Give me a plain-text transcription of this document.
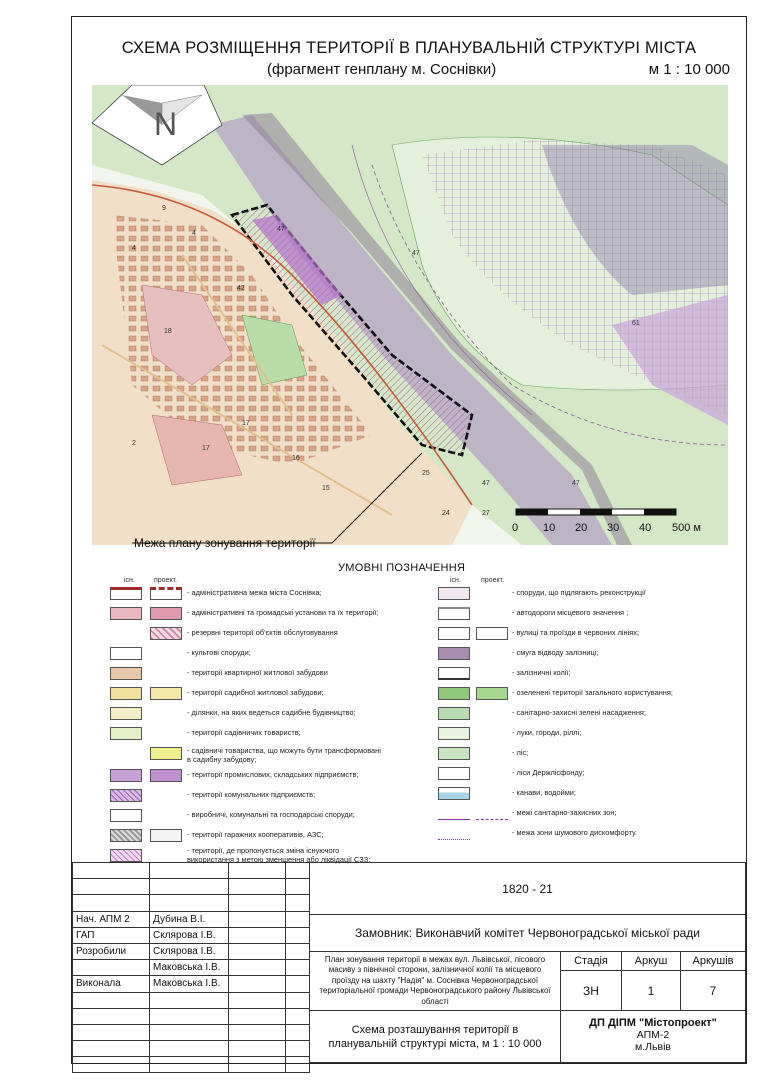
СХЕМА РОЗМІЩЕННЯ ТЕРИТОРІЇ В ПЛАНУВАЛЬНІЙ СТРУКТУРІ МІСТА
(фрагмент генплану м. Соснівки)	м 1 : 10 000
N
47
47
47
4
9
4
42
18
17
16
15
2
17
61
47
27
24
25
0 10 20 30 40 500 м
Межа плану зонування території
УМОВНІ ПОЗНАЧЕННЯ
існ.	проект.	існ.	проект.
- адміністративна межа міста Соснівка;
- адміністративні та громадські установи та їх території;
- резервні території об'єктів обслуговування
- культові споруди;
- території квартирної житлової забудови
- території садибної житлової забудови;
- ділянки, на яких ведеться садибне будівництво;
- території садівничих товариств;
- садівничі товариства, що можуть бути трансформовані
в садибну забудову;
- території промислових, складських підприємств;
- території комунальних підприємств;
- виробничі, комунальні та господарські споруди;
- території гаражних кооперативів, АЗС;
- території, де пропонується зміна існуючого
використання з метою зменшення або ліквідації СЗЗ;
- споруди, що підлягають реконструкції
- автодороги місцевого значення ;
- вулиці та проїзди в червоних лініях;
- смуга відводу залізниці;
- залізничні колії;
- озеленені території загального користування;
- санітарно-захисні зелені насадження;
- луки, городи, ріллі;
- ліс;
- ліси Держлісфонду;
- канави, водойми;
- межі санітарно-захисних зон;
- межа зони шумового дискомфорту.

Нач. АПМ 2	Дубина В.І.		
ГАП	Склярова І.В.		
Розробили	Склярова І.В.		
	Маковська І.В.		
Виконала	Маковська І.В.		

1820 - 21
Замовник: Виконавчий комітет Червоноградської міської ради
План зонування території в межах вул. Львівської, лісового масиву з північної сторони, залізничної колії та місцевого проїзду на шахту "Надія" м. Соснівка Червоноградської територіальної громади Червоноградського району Львівської області
Стадія	Аркуш	Аркушів
ЗН	1	7
Схема розташування території в планувальній структурі міста, м 1 : 10 000
ДП ДІПМ "Містопроект"
АПМ-2
м.Львів
